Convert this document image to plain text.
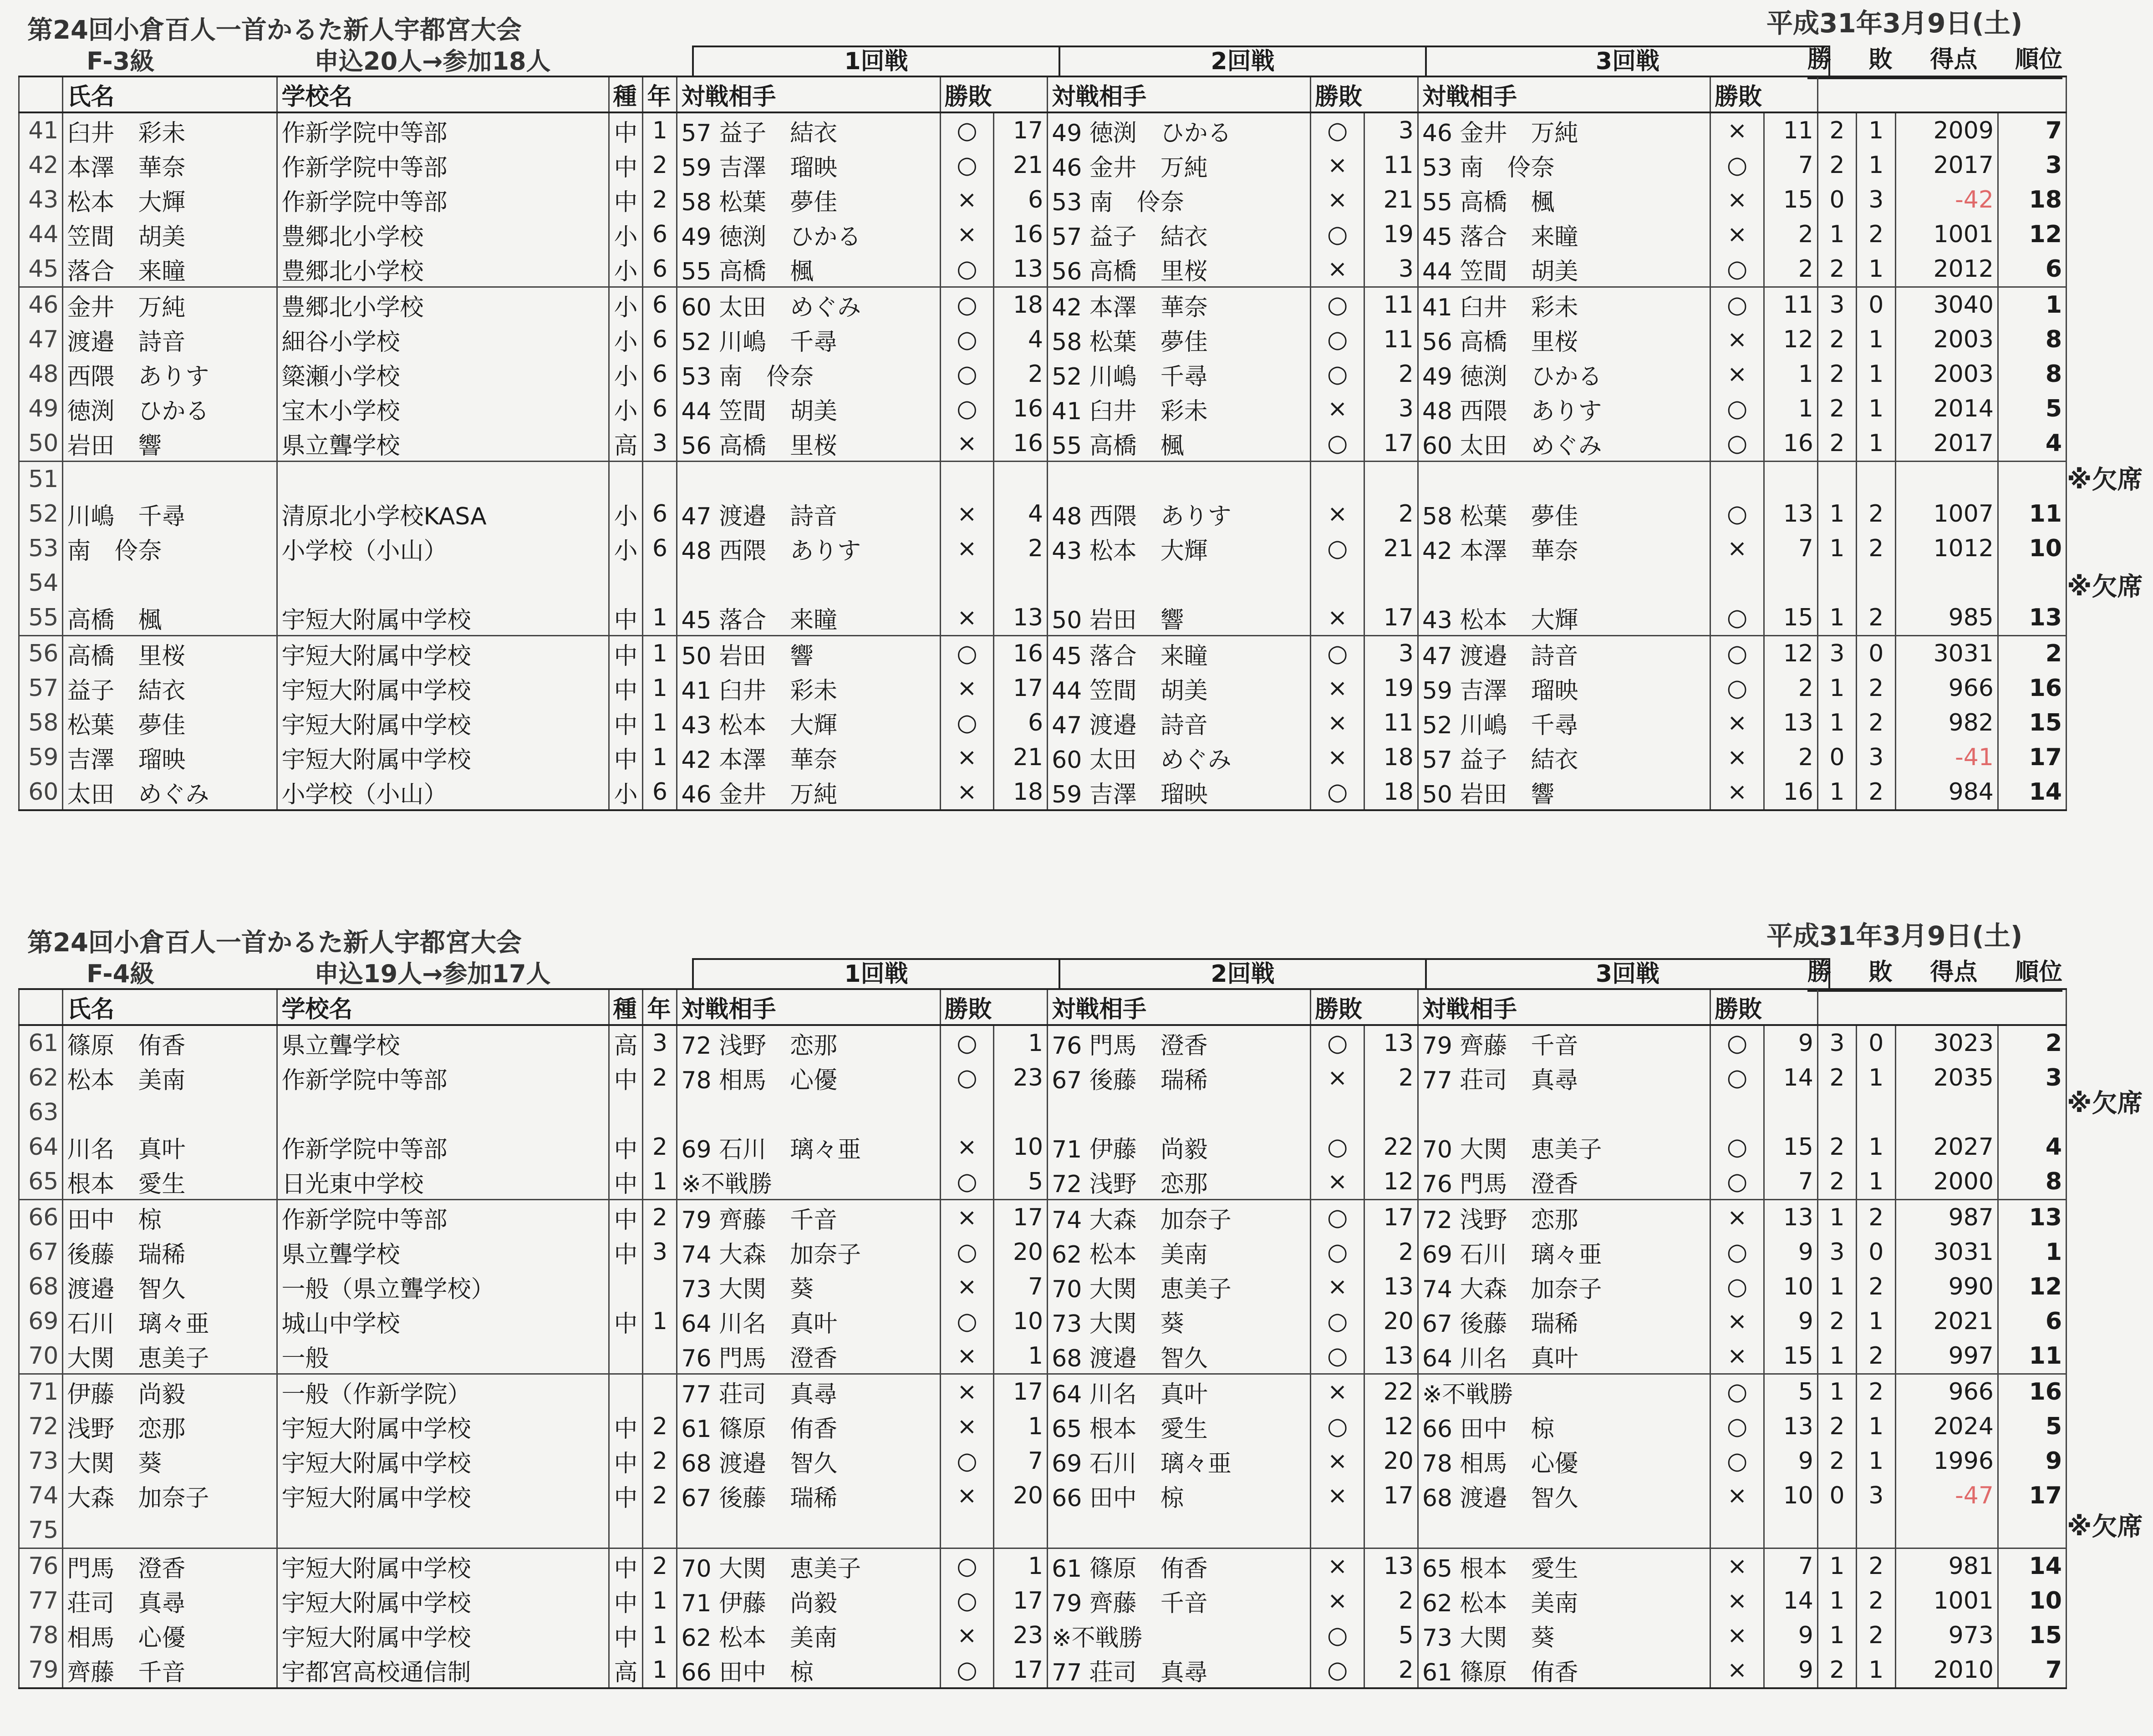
第24回小倉百人一首かるた新人宇都宮大会	平成31年3月9日(土)
F-3級	申込20人→参加18人	1回戦	2回戦	3回戦	勝 敗 得点 順位
	氏名	学校名	種	年	対戦相手	勝敗		対戦相手	勝敗		対戦相手	勝敗					
41	臼井　彩未	作新学院中等部	中	1	57 益子　結衣	○	17	49 徳渕　ひかる	○	3	46 金井　万純	×	11	2	1	2009	7
42	本澤　華奈	作新学院中等部	中	2	59 吉澤　瑠映	○	21	46 金井　万純	×	11	53 南　伶奈	○	7	2	1	2017	3
43	松本　大輝	作新学院中等部	中	2	58 松葉　夢佳	×	6	53 南　伶奈	×	21	55 高橋　楓	×	15	0	3	-42	18
44	笠間　胡美	豊郷北小学校	小	6	49 徳渕　ひかる	×	16	57 益子　結衣	○	19	45 落合　来瞳	×	2	1	2	1001	12
45	落合　来瞳	豊郷北小学校	小	6	55 高橋　楓	○	13	56 高橋　里桜	×	3	44 笠間　胡美	○	2	2	1	2012	6
46	金井　万純	豊郷北小学校	小	6	60 太田　めぐみ	○	18	42 本澤　華奈	○	11	41 臼井　彩未	○	11	3	0	3040	1
47	渡邉　詩音	細谷小学校	小	6	52 川嶋　千尋	○	4	58 松葉　夢佳	○	11	56 高橋　里桜	×	12	2	1	2003	8
48	西隈　ありす	簗瀬小学校	小	6	53 南　伶奈	○	2	52 川嶋　千尋	○	2	49 徳渕　ひかる	×	1	2	1	2003	8
49	徳渕　ひかる	宝木小学校	小	6	44 笠間　胡美	○	16	41 臼井　彩未	×	3	48 西隈　ありす	○	1	2	1	2014	5
50	岩田　響	県立聾学校	高	3	56 高橋　里桜	×	16	55 高橋　楓	○	17	60 太田　めぐみ	○	16	2	1	2017	4
51																	
52	川嶋　千尋	清原北小学校KASA	小	6	47 渡邉　詩音	×	4	48 西隈　ありす	×	2	58 松葉　夢佳	○	13	1	2	1007	11
53	南　伶奈	小学校（小山）	小	6	48 西隈　ありす	×	2	43 松本　大輝	○	21	42 本澤　華奈	×	7	1	2	1012	10
54																	
55	高橋　楓	宇短大附属中学校	中	1	45 落合　来瞳	×	13	50 岩田　響	×	17	43 松本　大輝	○	15	1	2	985	13
56	高橋　里桜	宇短大附属中学校	中	1	50 岩田　響	○	16	45 落合　来瞳	○	3	47 渡邉　詩音	○	12	3	0	3031	2
57	益子　結衣	宇短大附属中学校	中	1	41 臼井　彩未	×	17	44 笠間　胡美	×	19	59 吉澤　瑠映	○	2	1	2	966	16
58	松葉　夢佳	宇短大附属中学校	中	1	43 松本　大輝	○	6	47 渡邉　詩音	×	11	52 川嶋　千尋	×	13	1	2	982	15
59	吉澤　瑠映	宇短大附属中学校	中	1	42 本澤　華奈	×	21	60 太田　めぐみ	×	18	57 益子　結衣	×	2	0	3	-41	17
60	太田　めぐみ	小学校（小山）	小	6	46 金井　万純	×	18	59 吉澤　瑠映	○	18	50 岩田　響	×	16	1	2	984	14
※欠席
※欠席
第24回小倉百人一首かるた新人宇都宮大会	平成31年3月9日(土)
F-4級	申込19人→参加17人	1回戦	2回戦	3回戦	勝 敗 得点 順位
	氏名	学校名	種	年	対戦相手	勝敗		対戦相手	勝敗		対戦相手	勝敗					
61	篠原　侑香	県立聾学校	高	3	72 浅野　恋那	○	1	76 門馬　澄香	○	13	79 齊藤　千音	○	9	3	0	3023	2
62	松本　美南	作新学院中等部	中	2	78 相馬　心優	○	23	67 後藤　瑞稀	×	2	77 荘司　真尋	○	14	2	1	2035	3
63																	
64	川名　真叶	作新学院中等部	中	2	69 石川　璃々亜	×	10	71 伊藤　尚毅	○	22	70 大関　恵美子	○	15	2	1	2027	4
65	根本　愛生	日光東中学校	中	1	※不戦勝	○	5	72 浅野　恋那	×	12	76 門馬　澄香	○	7	2	1	2000	8
66	田中　椋	作新学院中等部	中	2	79 齊藤　千音	×	17	74 大森　加奈子	○	17	72 浅野　恋那	×	13	1	2	987	13
67	後藤　瑞稀	県立聾学校	中	3	74 大森　加奈子	○	20	62 松本　美南	○	2	69 石川　璃々亜	○	9	3	0	3031	1
68	渡邉　智久	一般（県立聾学校）			73 大関　葵	×	7	70 大関　恵美子	×	13	74 大森　加奈子	○	10	1	2	990	12
69	石川　璃々亜	城山中学校	中	1	64 川名　真叶	○	10	73 大関　葵	○	20	67 後藤　瑞稀	×	9	2	1	2021	6
70	大関　恵美子	一般			76 門馬　澄香	×	1	68 渡邉　智久	○	13	64 川名　真叶	×	15	1	2	997	11
71	伊藤　尚毅	一般（作新学院）			77 荘司　真尋	×	17	64 川名　真叶	×	22	※不戦勝	○	5	1	2	966	16
72	浅野　恋那	宇短大附属中学校	中	2	61 篠原　侑香	×	1	65 根本　愛生	○	12	66 田中　椋	○	13	2	1	2024	5
73	大関　葵	宇短大附属中学校	中	2	68 渡邉　智久	○	7	69 石川　璃々亜	×	20	78 相馬　心優	○	9	2	1	1996	9
74	大森　加奈子	宇短大附属中学校	中	2	67 後藤　瑞稀	×	20	66 田中　椋	×	17	68 渡邉　智久	×	10	0	3	-47	17
75																	
76	門馬　澄香	宇短大附属中学校	中	2	70 大関　恵美子	○	1	61 篠原　侑香	×	13	65 根本　愛生	×	7	1	2	981	14
77	荘司　真尋	宇短大附属中学校	中	1	71 伊藤　尚毅	○	17	79 齊藤　千音	×	2	62 松本　美南	×	14	1	2	1001	10
78	相馬　心優	宇短大附属中学校	中	1	62 松本　美南	×	23	※不戦勝	○	5	73 大関　葵	×	9	1	2	973	15
79	齊藤　千音	宇都宮高校通信制	高	1	66 田中　椋	○	17	77 荘司　真尋	○	2	61 篠原　侑香	×	9	2	1	2010	7
※欠席
※欠席
